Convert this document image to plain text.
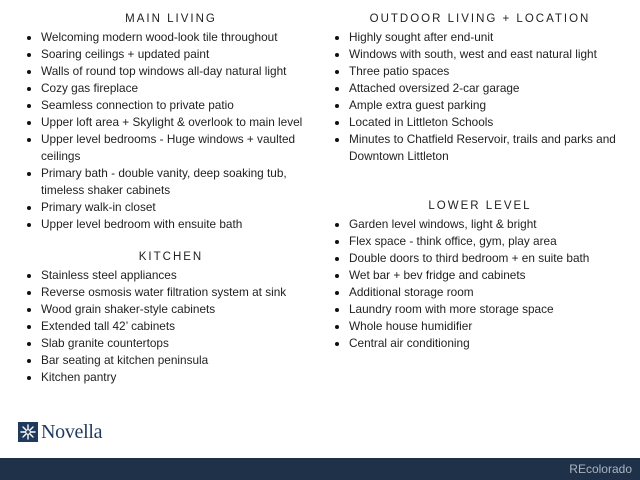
MAIN LIVING
Welcoming modern wood-look tile throughout
Soaring ceilings + updated paint
Walls of round top windows all-day natural light
Cozy gas fireplace
Seamless connection to private patio
Upper loft area + Skylight & overlook to main level
Upper level bedrooms - Huge windows + vaulted ceilings
Primary bath - double vanity, deep soaking tub, timeless shaker cabinets
Primary walk-in closet
Upper level bedroom with ensuite bath
KITCHEN
Stainless steel appliances
Reverse osmosis water filtration system at sink
Wood grain shaker-style cabinets
Extended tall 42’ cabinets
Slab granite countertops
Bar seating at kitchen peninsula
Kitchen pantry
OUTDOOR LIVING + LOCATION
Highly sought after end-unit
Windows with south, west and east natural light
Three patio spaces
Attached oversized 2-car garage
Ample extra guest parking
Located in Littleton Schools
Minutes to Chatfield Reservoir, trails and parks and Downtown Littleton
LOWER LEVEL
Garden level windows, light & bright
Flex space - think office, gym, play area
Double doors to third bedroom + en suite bath
Wet bar + bev fridge and cabinets
Additional storage room
Laundry room with more storage space
Whole house humidifier
Central air conditioning
Novella
REcolorado
